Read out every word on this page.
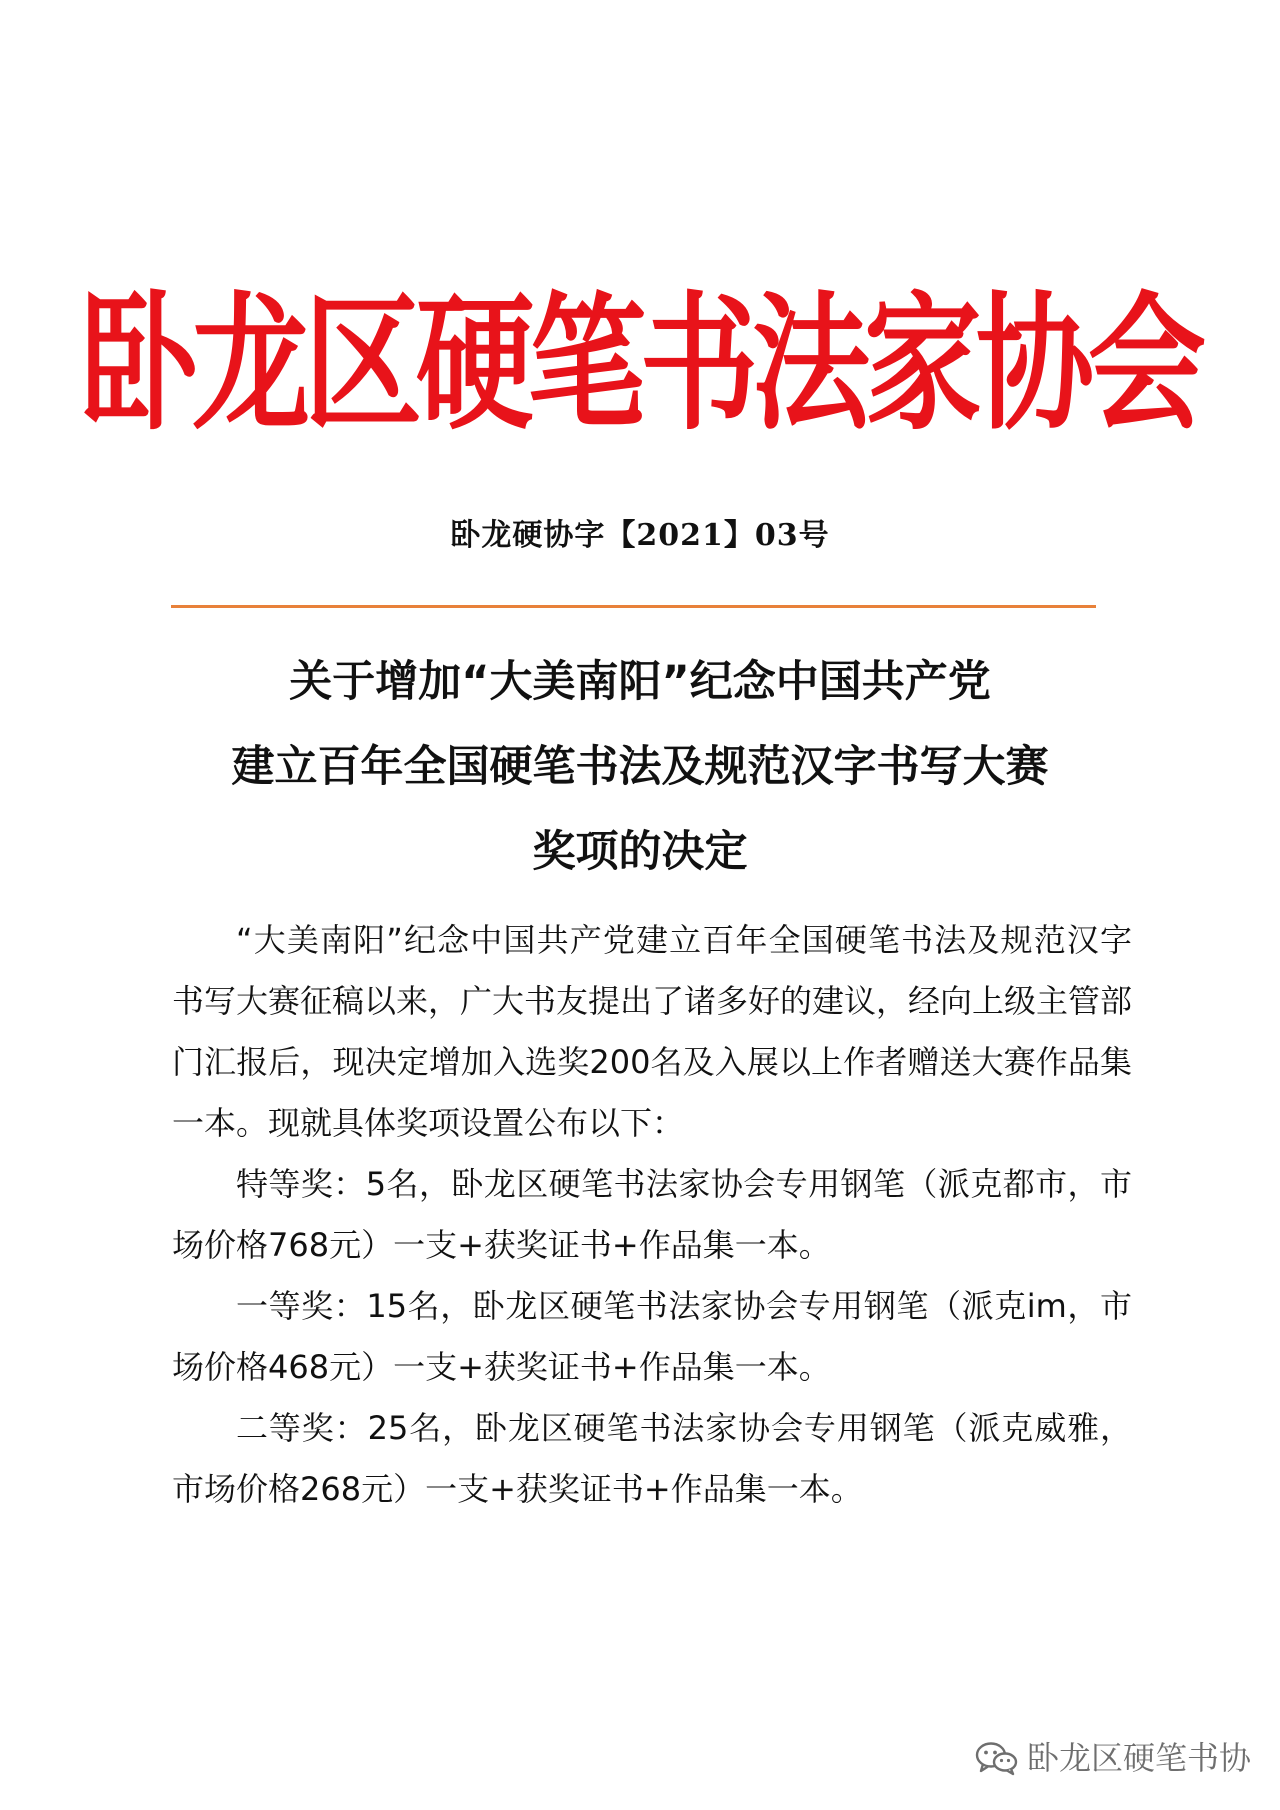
卧龙区硬笔书法家协会
卧龙硬协字【2021】03号
关于增加“大美南阳”纪念中国共产党
建立百年全国硬笔书法及规范汉字书写大赛
奖项的决定

“大美南阳”纪念中国共产党建立百年全国硬笔书法及规范汉字书写大赛征稿以来，广大书友提出了诸多好的建议，经向上级主管部门汇报后，现决定增加入选奖200名及入展以上作者赠送大赛作品集一本。现就具体奖项设置公布以下：

特等奖：5名，卧龙区硬笔书法家协会专用钢笔（派克都市，市场价格768元）一支+获奖证书+作品集一本。

一等奖：15名，卧龙区硬笔书法家协会专用钢笔（派克im，市场价格468元）一支+获奖证书+作品集一本。

二等奖：25名，卧龙区硬笔书法家协会专用钢笔（派克威雅，市场价格268元）一支+获奖证书+作品集一本。

卧龙区硬笔书协
